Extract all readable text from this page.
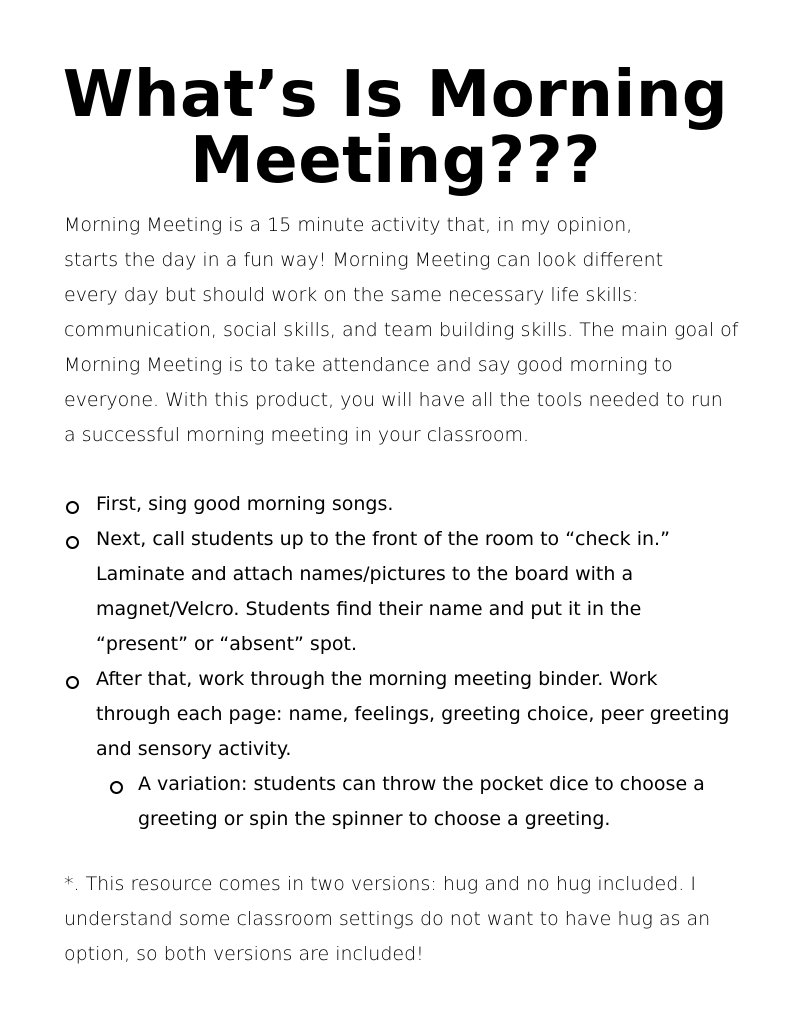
What’s Is Morning
Meeting???
Morning Meeting is a 15 minute activity that, in my opinion,
starts the day in a fun way! Morning Meeting can look different
every day but should work on the same necessary life skills:
communication, social skills, and team building skills. The main goal of
Morning Meeting is to take attendance and say good morning to
everyone. With this product, you will have all the tools needed to run
a successful morning meeting in your classroom.
First, sing good morning songs.
Next, call students up to the front of the room to “check in.”
Laminate and attach names/pictures to the board with a
magnet/Velcro. Students find their name and put it in the
“present” or “absent” spot.
After that, work through the morning meeting binder. Work
through each page: name, feelings, greeting choice, peer greeting
and sensory activity.
A variation: students can throw the pocket dice to choose a
greeting or spin the spinner to choose a greeting.
*. This resource comes in two versions: hug and no hug included. I
understand some classroom settings do not want to have hug as an
option, so both versions are included!
